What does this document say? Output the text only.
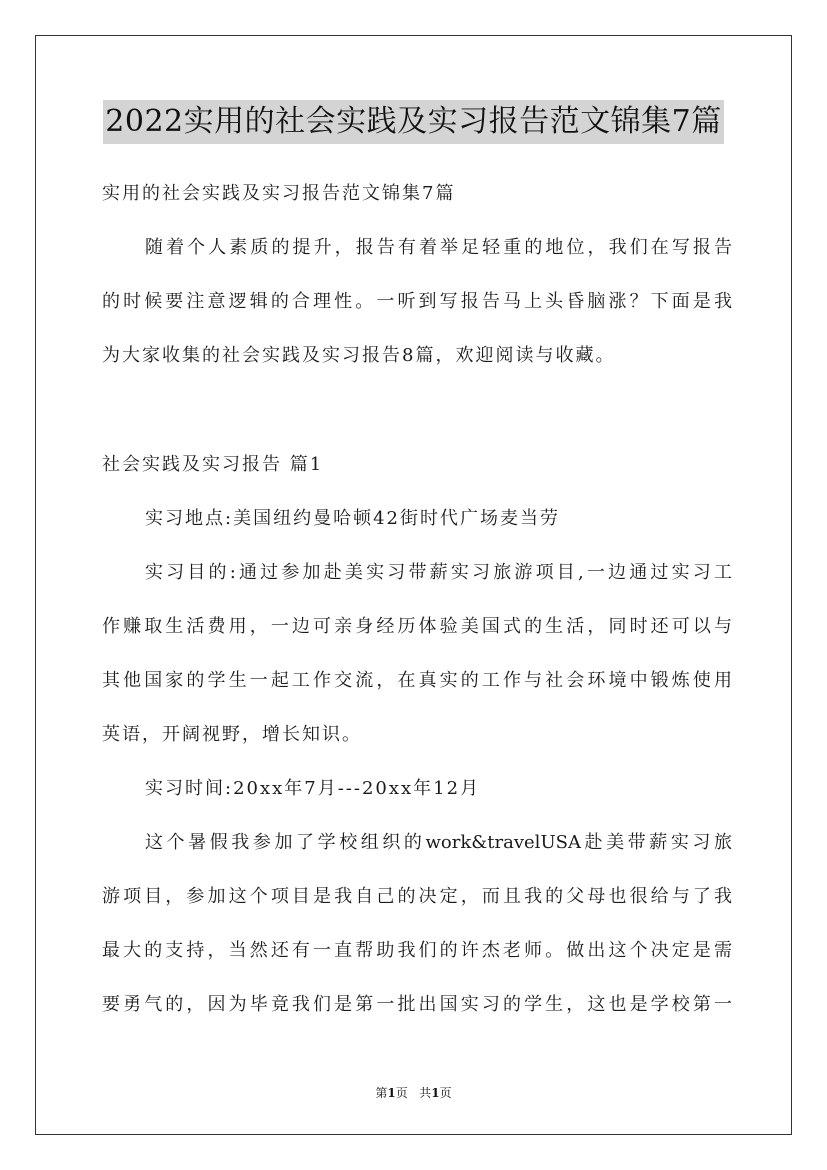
2022实用的社会实践及实习报告范文锦集7篇
实用的社会实践及实习报告范文锦集7篇
随着个人素质的提升，报告有着举足轻重的地位，我们在写报告
的时候要注意逻辑的合理性。一听到写报告马上头昏脑涨？下面是我
为大家收集的社会实践及实习报告8篇，欢迎阅读与收藏。
社会实践及实习报告 篇1
实习地点:美国纽约曼哈顿42街时代广场麦当劳
实习目的:通过参加赴美实习带薪实习旅游项目,一边通过实习工
作赚取生活费用，一边可亲身经历体验美国式的生活，同时还可以与
其他国家的学生一起工作交流，在真实的工作与社会环境中锻炼使用
英语，开阔视野，增长知识。
实习时间:20xx年7月---20xx年12月
这个暑假我参加了学校组织的work&travelUSA赴美带薪实习旅
游项目，参加这个项目是我自己的决定，而且我的父母也很给与了我
最大的支持，当然还有一直帮助我们的许杰老师。做出这个决定是需
要勇气的，因为毕竟我们是第一批出国实习的学生，这也是学校第一
第1页   共1页
